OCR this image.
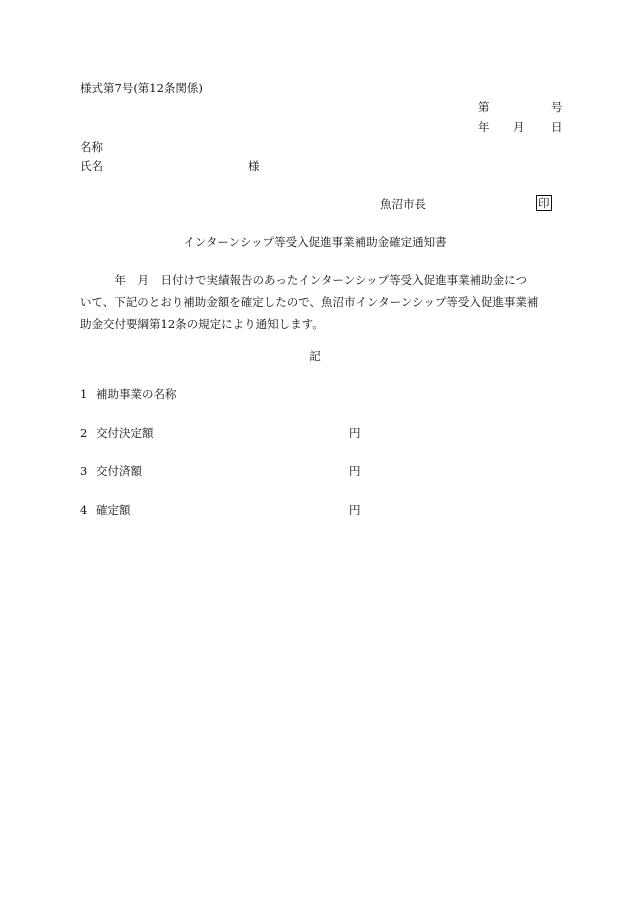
様式第7号(第12条関係)
第	号
年 月 日
名称
氏名	様
魚沼市長	印
インターンシップ等受入促進事業補助金確定通知書

　　　年　月　日付けで実績報告のあったインターンシップ等受入促進事業補助金につ

いて、下記のとおり補助金額を確定したので、魚沼市インターンシップ等受入促進事業補

助金交付要綱第12条の規定により通知します。

記
1 補助事業の名称
2 交付決定額	円
3 交付済額	円
4 確定額	円
